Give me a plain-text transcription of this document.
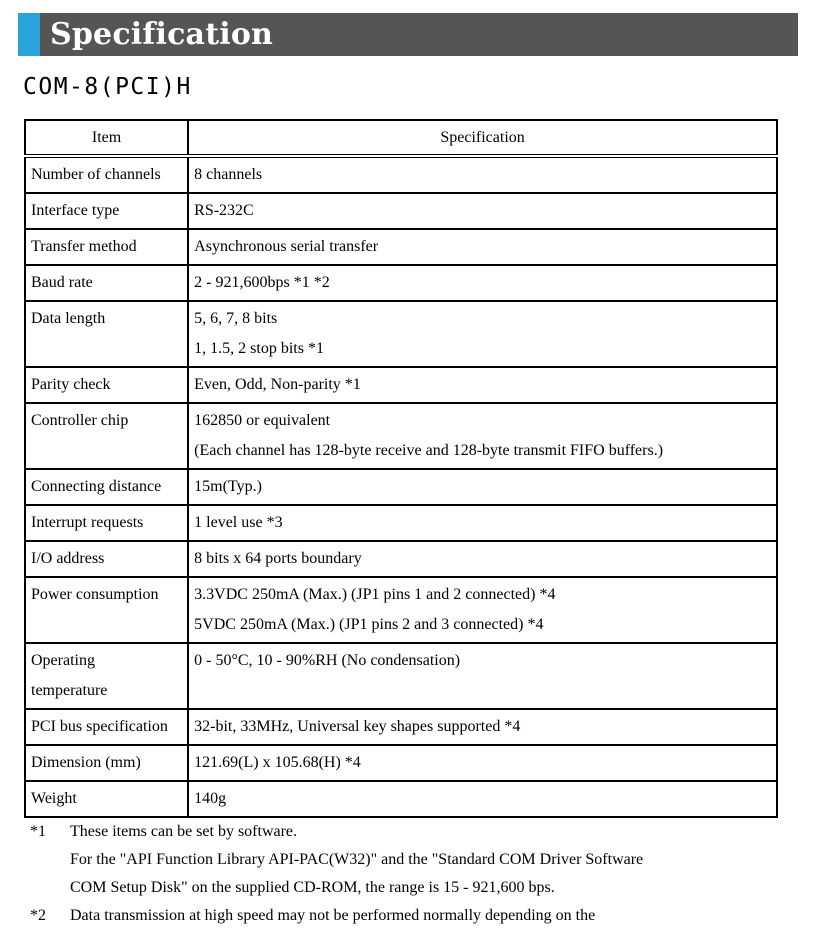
Specification
COM-8(PCI)H
Item	Specification

Number of channels	8 channels

Interface type	RS-232C

Transfer method	Asynchronous serial transfer

Baud rate	2 - 921,600bps *1 *2

Data length	5, 6, 7, 8 bits
1, 1.5, 2 stop bits *1

Parity check	Even, Odd, Non-parity *1

Controller chip	162850 or equivalent
(Each channel has 128-byte receive and 128-byte transmit FIFO buffers.)

Connecting distance	15m(Typ.)

Interrupt requests	1 level use *3

I/O address	8 bits x 64 ports boundary

Power consumption	3.3VDC 250mA (Max.) (JP1 pins 1 and 2 connected) *4
5VDC 250mA (Max.) (JP1 pins 2 and 3 connected) *4

Operating
temperature	0 - 50°C, 10 - 90%RH (No condensation)

PCI bus specification	32-bit, 33MHz, Universal key shapes supported *4

Dimension (mm)	121.69(L) x 105.68(H) *4

Weight	140g
*1	These items can be set by software.
For the "API Function Library API-PAC(W32)" and the "Standard COM Driver Software
COM Setup Disk" on the supplied CD-ROM, the range is 15 - 921,600 bps.
*2	Data transmission at high speed may not be performed normally depending on the
